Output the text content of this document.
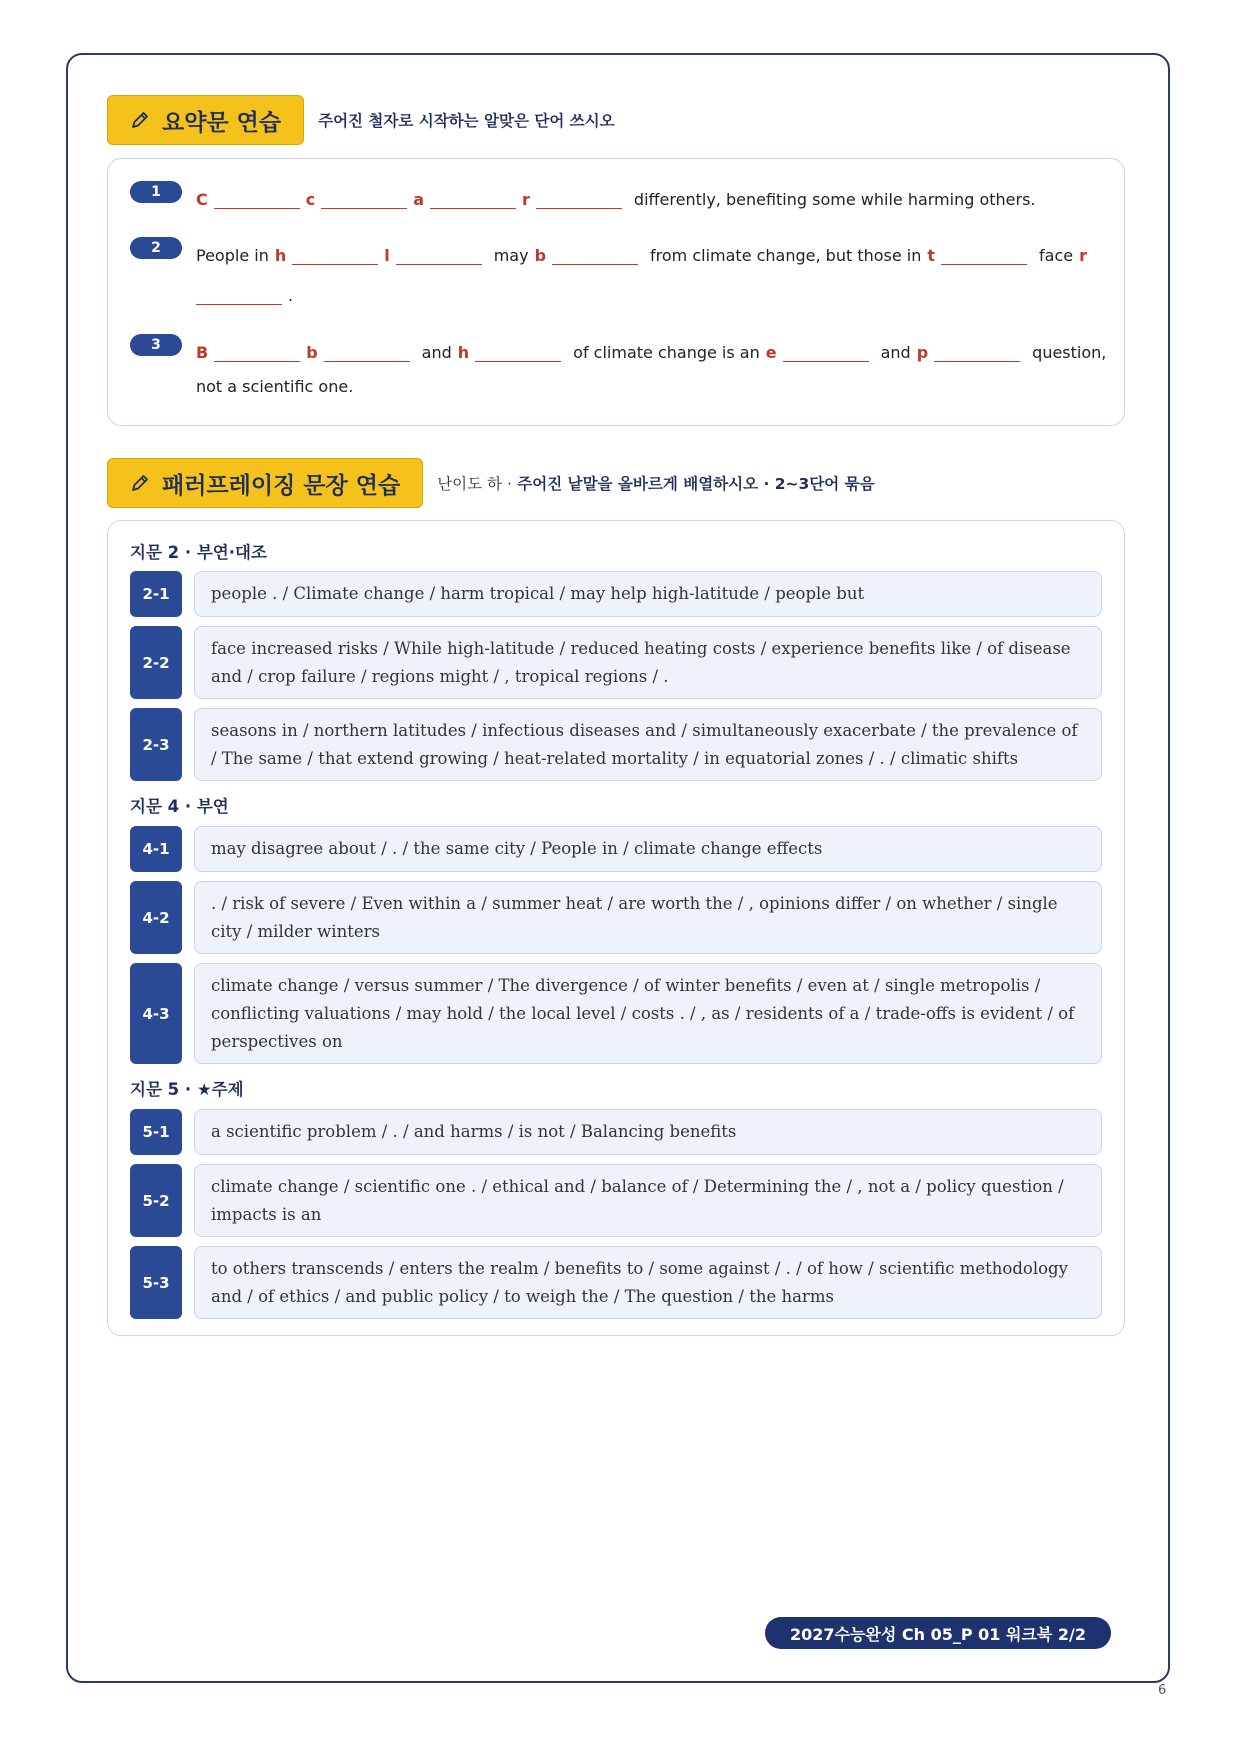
요약문 연습 주어진 철자로 시작하는 알맞은 단어 쓰시오
1	C	c	a	r	differently, benefiting some while harming others.
2	People in h	l	may b	from climate change, but those in t	face r
.
3	B	b	and h	of climate change is an e	and p	question,
not a scientific one.
패러프레이징 문장 연습 난이도 하 · 주어진 낱말을 올바르게 배열하시오 · 2~3단어 묶음
지문 2 · 부연·대조
2-1	people . / Climate change / harm tropical / may help high-latitude / people but
2-2
face increased risks / While high-latitude / reduced heating costs / experience benefits like / of disease and / crop failure / regions might / , tropical regions / .
2-3
seasons in / northern latitudes / infectious diseases and / simultaneously exacerbate / the prevalence of / The same / that extend growing / heat-related mortality / in equatorial zones / . / climatic shifts
지문 4 · 부연
4-1	may disagree about / . / the same city / People in / climate change effects
4-2
. / risk of severe / Even within a / summer heat / are worth the / , opinions differ / on whether / single city / milder winters
4-3
climate change / versus summer / The divergence / of winter benefits / even at / single metropolis / conflicting valuations / may hold / the local level / costs . / , as / residents of a / trade-offs is evident / of perspectives on
지문 5 · ★주제
5-1	a scientific problem / . / and harms / is not / Balancing benefits
5-2
climate change / scientific one . / ethical and / balance of / Determining the / , not a / policy question / impacts is an
5-3
to others transcends / enters the realm / benefits to / some against / . / of how / scientific methodology and / of ethics / and public policy / to weigh the / The question / the harms
2027수능완성 Ch 05_P 01 워크북 2/2
6
